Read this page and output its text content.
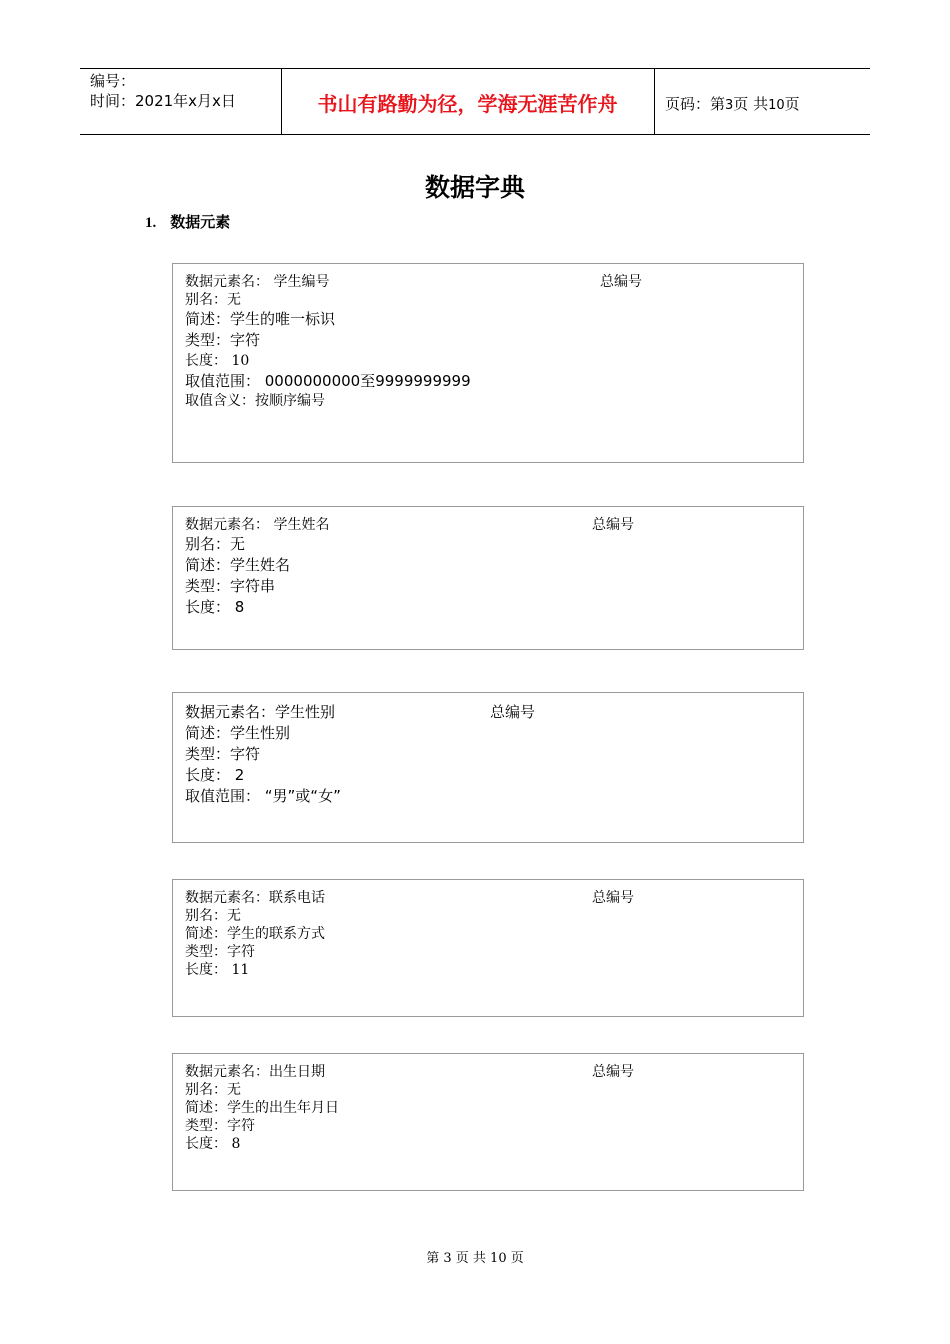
编号：
时间：2021年x月x日	书山有路勤为径，学海无涯苦作舟	页码：第3页 共10页
数据字典
1. 数据元素
数据元素名： 学生编号	总编号
别名：无
简述：学生的唯一标识
类型：字符
长度： 10
取值范围： 0000000000至9999999999
取值含义：按顺序编号
数据元素名： 学生姓名	总编号
别名：无
简述：学生姓名
类型：字符串
长度： 8
数据元素名：学生性别	总编号
简述：学生性别
类型：字符
长度： 2
取值范围： “男”或“女”
数据元素名：联系电话	总编号
别名：无
简述：学生的联系方式
类型：字符
长度： 11
数据元素名：出生日期	总编号
别名：无
简述：学生的出生年月日
类型：字符
长度： 8
第 3 页 共 10 页
